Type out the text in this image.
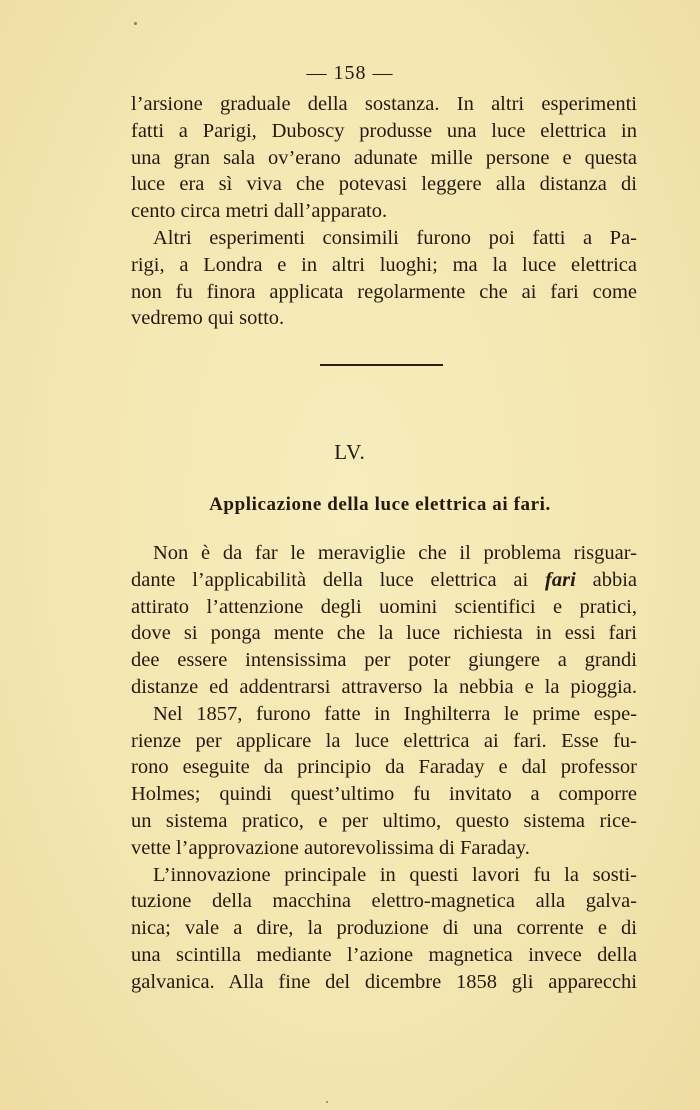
— 158 —
l’arsione graduale della sostanza. In altri esperimenti
fatti a Parigi, Duboscy produsse una luce elettrica in
una gran sala ov’erano adunate mille persone e questa
luce era sì viva che potevasi leggere alla distanza di
cento circa metri dall’apparato.
Altri esperimenti consimili furono poi fatti a Pa-
rigi, a Londra e in altri luoghi; ma la luce elettrica
non fu finora applicata regolarmente che ai fari come
vedremo qui sotto.
LV.
Applicazione della luce elettrica ai fari.
Non è da far le meraviglie che il problema risguar-
dante l’applicabilità della luce elettrica ai fari abbia
attirato l’attenzione degli uomini scientifici e pratici,
dove si ponga mente che la luce richiesta in essi fari
dee essere intensissima per poter giungere a grandi
distanze ed addentrarsi attraverso la nebbia e la pioggia.
Nel 1857, furono fatte in Inghilterra le prime espe-
rienze per applicare la luce elettrica ai fari. Esse fu-
rono eseguite da principio da Faraday e dal professor
Holmes; quindi quest’ultimo fu invitato a comporre
un sistema pratico, e per ultimo, questo sistema rice-
vette l’approvazione autorevolissima di Faraday.
L’innovazione principale in questi lavori fu la sosti-
tuzione della macchina elettro-magnetica alla galva-
nica; vale a dire, la produzione di una corrente e di
una scintilla mediante l’azione magnetica invece della
galvanica. Alla fine del dicembre 1858 gli apparecchi
